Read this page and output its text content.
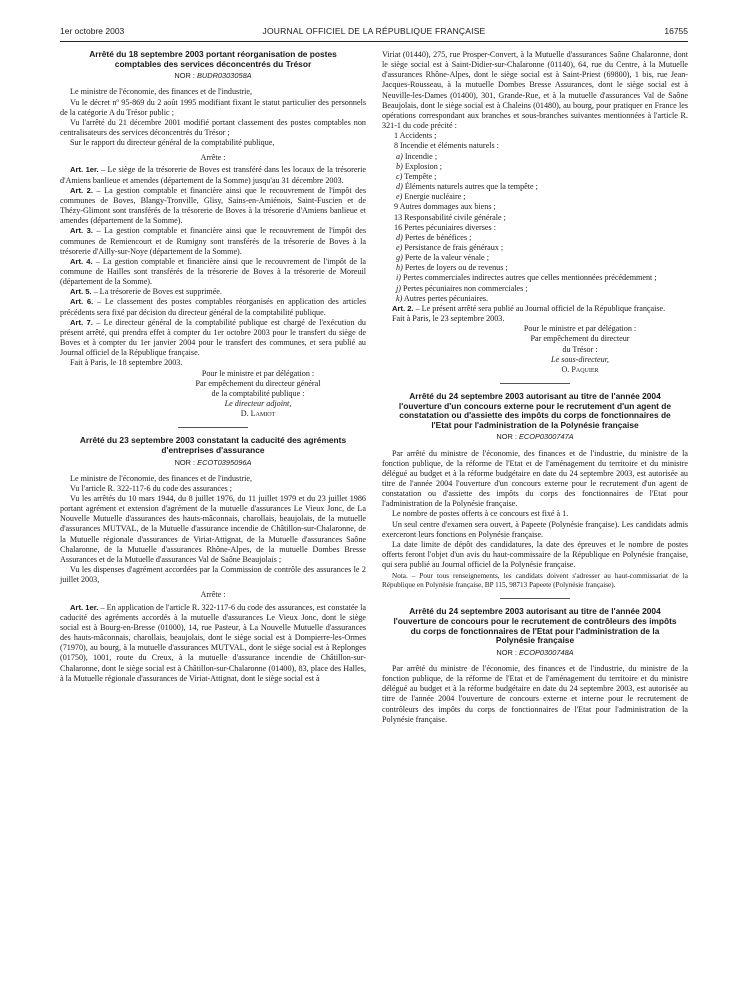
1er octobre 2003	JOURNAL OFFICIEL DE LA RÉPUBLIQUE FRANÇAISE	16755
Arrêté du 18 septembre 2003 portant réorganisation de postes comptables des services déconcentrés du Trésor
NOR : BUDR0303058A

Le ministre de l'économie, des finances et de l'industrie,

Vu le décret nº 95-869 du 2 août 1995 modifiant fixant le statut particulier des personnels de la catégorie A du Trésor public ;

Vu l'arrêté du 21 décembre 2001 modifié portant classement des postes comptables non centralisateurs des services déconcentrés du Trésor ;

Sur le rapport du directeur général de la comptabilité publique,

Arrête :

Art. 1er. – Le siège de la trésorerie de Boves est transféré dans les locaux de la trésorerie d'Amiens banlieue et amendes (département de la Somme) jusqu'au 31 décembre 2003.

Art. 2. – La gestion comptable et financière ainsi que le recouvrement de l'impôt des communes de Boves, Blangy-Tronville, Glisy, Sains-en-Amiénois, Saint-Fuscien et de Thézy-Glimont sont transférés de la trésorerie de Boves à la trésorerie d'Amiens banlieue et amendes (département de la Somme).

Art. 3. – La gestion comptable et financière ainsi que le recouvrement de l'impôt des communes de Remiencourt et de Rumigny sont transférés de la trésorerie de Boves à la trésorerie d'Ailly-sur-Noye (département de la Somme).

Art. 4. – La gestion comptable et financière ainsi que le recouvrement de l'impôt de la commune de Hailles sont transférés de la trésorerie de Boves à la trésorerie de Moreuil (département de la Somme).

Art. 5. – La trésorerie de Boves est supprimée.

Art. 6. – Le classement des postes comptables réorganisés en application des articles précédents sera fixé par décision du directeur général de la comptabilité publique.

Art. 7. – Le directeur général de la comptabilité publique est chargé de l'exécution du présent arrêté, qui prendra effet à compter du 1er octobre 2003 pour le transfert du siège de Boves et à compter du 1er janvier 2004 pour le transfert des communes, et sera publié au Journal officiel de la République française.

Fait à Paris, le 18 septembre 2003.

Pour le ministre et par délégation :
Par empêchement du directeur général
de la comptabilité publique :
Le directeur adjoint,
D. Lamiot
Arrêté du 23 septembre 2003 constatant la caducité des agréments d'entreprises d'assurance
NOR : ECOT0395096A

Le ministre de l'économie, des finances et de l'industrie,

Vu l'article R. 322-117-6 du code des assurances ;

Vu les arrêtés du 10 mars 1944, du 8 juillet 1976, du 11 juillet 1979 et du 23 juillet 1986 portant agrément et extension d'agrément de la mutuelle d'assurances Le Vieux Jonc, de La Nouvelle Mutuelle d'assurances des hauts-mâconnais, charollais, beaujolais, de la mutuelle d'assurances MUTVAL, de la Mutuelle d'assurance incendie de Châtillon-sur-Chalaronne, de la Mutuelle régionale d'assurances de Viriat-Attignat, de la Mutuelle d'assurances Saône Chalaronne, de la Mutuelle d'assurances Rhône-Alpes, de la mutuelle Dombes Bresse Assurances et de la Mutuelle d'assurances Val de Saône Beaujolais ;

Vu les dispenses d'agrément accordées par la Commission de contrôle des assurances le 2 juillet 2003,

Arrête :

Art. 1er. – En application de l'article R. 322-117-6 du code des assurances, est constatée la caducité des agréments accordés à la mutuelle d'assurances Le Vieux Jonc, dont le siège social est à Bourg-en-Bresse (01000), 14, rue Pasteur, à La Nouvelle Mutuelle d'assurances des hauts-mâconnais, charollais, beaujolais, dont le siège social est à Dompierre-les-Ormes (71970), au bourg, à la mutuelle d'assurances MUTVAL, dont le siège social est à Replonges (01750), 1001, route du Creux, à la mutuelle d'assurance incendie de Châtillon-sur-Chalaronne, dont le siège social est à Châtillon-sur-Chalaronne (01400), 83, place des Halles, à la Mutuelle régionale d'assurances de Viriat-Attignat, dont le siège social est à

Viriat (01440), 275, rue Prosper-Convert, à la Mutuelle d'assurances Saône Chalaronne, dont le siège social est à Saint-Didier-sur-Chalaronne (01140), 64, rue du Centre, à la Mutuelle d'assurances Rhône-Alpes, dont le siège social est à Saint-Priest (69800), 1 bis, rue Jean-Jacques-Rousseau, à la mutuelle Dombes Bresse Assurances, dont le siège social est à Neuville-les-Dames (01400), 301, Grande-Rue, et à la mutuelle d'assurances Val de Saône Beaujolais, dont le siège social est à Chaleins (01480), au bourg, pour pratiquer en France les opérations correspondant aux branches et sous-branches suivantes mentionnées à l'article R. 321-1 du code précité :

1 Accidents ;
8 Incendie et éléments naturels :
a) Incendie ;
b) Explosion ;
c) Tempête ;
d) Éléments naturels autres que la tempête ;
e) Energie nucléaire ;
9 Autres dommages aux biens ;
13 Responsabilité civile générale ;
16 Pertes pécuniaires diverses :
d) Pertes de bénéfices ;
e) Persistance de frais généraux ;
g) Perte de la valeur vénale ;
h) Pertes de loyers ou de revenus ;
i) Pertes commerciales indirectes autres que celles mentionnées précédemment ;
j) Pertes pécuniaires non commerciales ;
k) Autres pertes pécuniaires.

Art. 2. – Le présent arrêté sera publié au Journal officiel de la République française.

Fait à Paris, le 23 septembre 2003.

Pour le ministre et par délégation :
Par empêchement du directeur
du Trésor :
Le sous-directeur,
O. Paquier
Arrêté du 24 septembre 2003 autorisant au titre de l'année 2004 l'ouverture d'un concours externe pour le recrutement d'un agent de constatation ou d'assiette des impôts du corps de fonctionnaires de l'Etat pour l'administration de la Polynésie française
NOR : ECOP0300747A

Par arrêté du ministre de l'économie, des finances et de l'industrie, du ministre de la fonction publique, de la réforme de l'Etat et de l'aménagement du territoire et du ministre délégué au budget et à la réforme budgétaire en date du 24 septembre 2003, est autorisée au titre de l'année 2004 l'ouverture d'un concours externe pour le recrutement d'un agent de constatation ou d'assiette des impôts du corps des fonctionnaires de l'Etat pour l'administration de la Polynésie française.

Le nombre de postes offerts à ce concours est fixé à 1.

Un seul centre d'examen sera ouvert, à Papeete (Polynésie française). Les candidats admis exerceront leurs fonctions en Polynésie française.

La date limite de dépôt des candidatures, la date des épreuves et le nombre de postes offerts feront l'objet d'un avis du haut-commissaire de la République en Polynésie française, qui sera publié au Journal officiel de la Polynésie française.

Nota. – Pour tous renseignements, les candidats doivent s'adresser au haut-commissariat de la République en Polynésie française, BP 115, 98713 Papeete (Polynésie française).
Arrêté du 24 septembre 2003 autorisant au titre de l'année 2004 l'ouverture de concours pour le recrutement de contrôleurs des impôts du corps de fonctionnaires de l'Etat pour l'administration de la Polynésie française
NOR : ECOP0300748A

Par arrêté du ministre de l'économie, des finances et de l'industrie, du ministre de la fonction publique, de la réforme de l'Etat et de l'aménagement du territoire et du ministre délégué au budget et à la réforme budgétaire en date du 24 septembre 2003, est autorisée au titre de l'année 2004 l'ouverture de concours externe et interne pour le recrutement de contrôleurs des impôts du corps de fonctionnaires de l'Etat pour l'administration de la Polynésie française.
